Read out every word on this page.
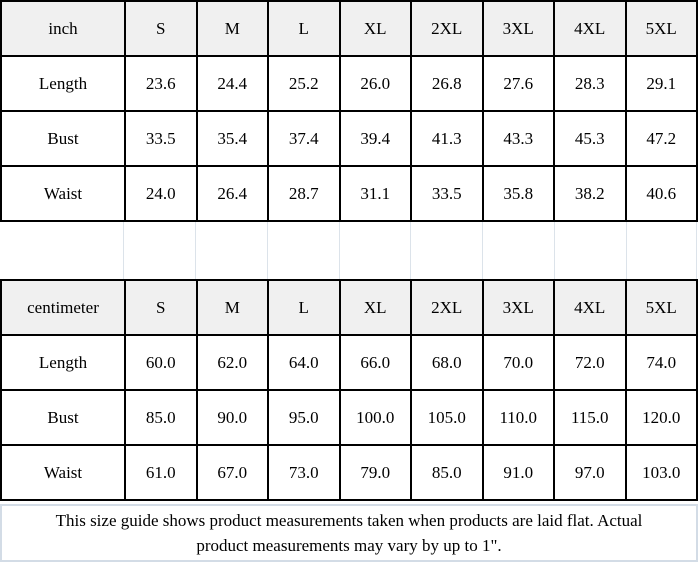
inch	S	M	L	XL	2XL	3XL	4XL	5XL
Length	23.6	24.4	25.2	26.0	26.8	27.6	28.3	29.1
Bust	33.5	35.4	37.4	39.4	41.3	43.3	45.3	47.2
Waist	24.0	26.4	28.7	31.1	33.5	35.8	38.2	40.6
centimeter	S	M	L	XL	2XL	3XL	4XL	5XL
Length	60.0	62.0	64.0	66.0	68.0	70.0	72.0	74.0
Bust	85.0	90.0	95.0	100.0	105.0	110.0	115.0	120.0
Waist	61.0	67.0	73.0	79.0	85.0	91.0	97.0	103.0
This size guide shows product measurements taken when products are laid flat. Actual product measurements may vary by up to 1".
